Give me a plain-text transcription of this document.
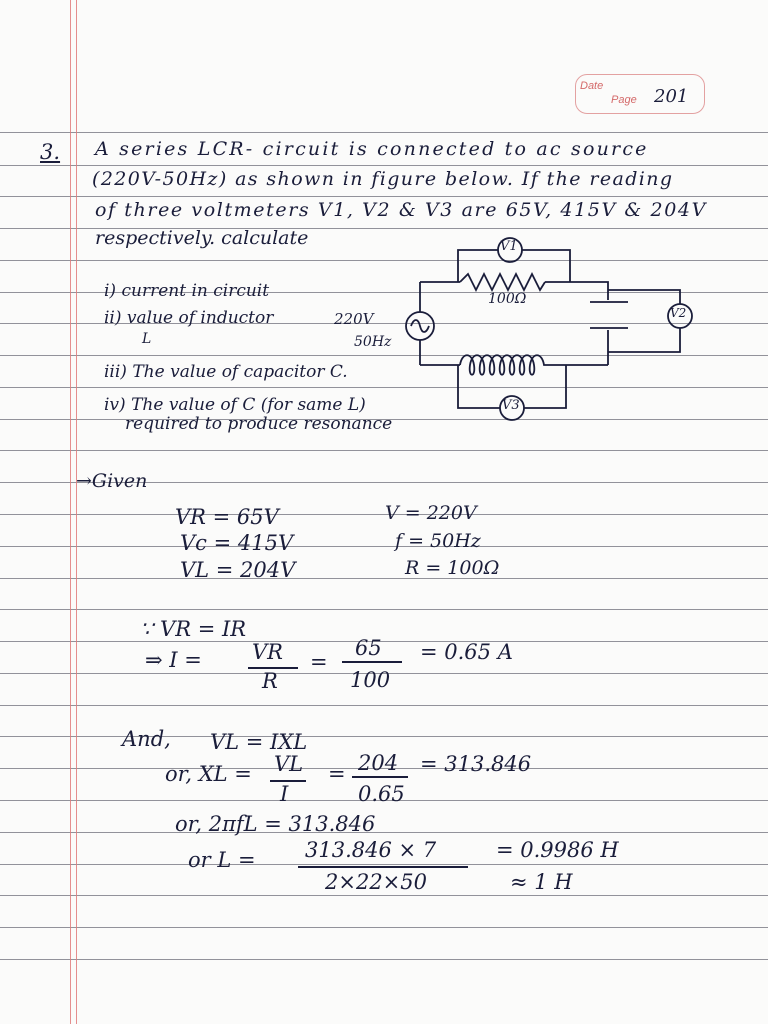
Date
Page 201
3. A series LCR- circuit is connected to ac source
(220V-50Hz) as shown in figure below. If the reading
of three voltmeters V1, V2 & V3 are 65V, 415V & 204V
respectively. calculate
i) current in circuit
ii) value of inductor
L
iii) The value of capacitor C.
iv) The value of C (for same L)
required to produce resonance
V1
V2
V3
100Ω
220V
50Hz
→Given
VR = 65V
Vc = 415V
VL = 204V
V = 220V
f = 50Hz
R = 100Ω
∵ VR = IR
⇒ I = VR
R
=
65
100
= 0.65 A
And, VL = IXL
or, XL = VL
I
= 204
0.65
= 313.846
or, 2πfL = 313.846
or L = 313.846 × 7
2×22×50
= 0.9986 H
≈ 1 H
